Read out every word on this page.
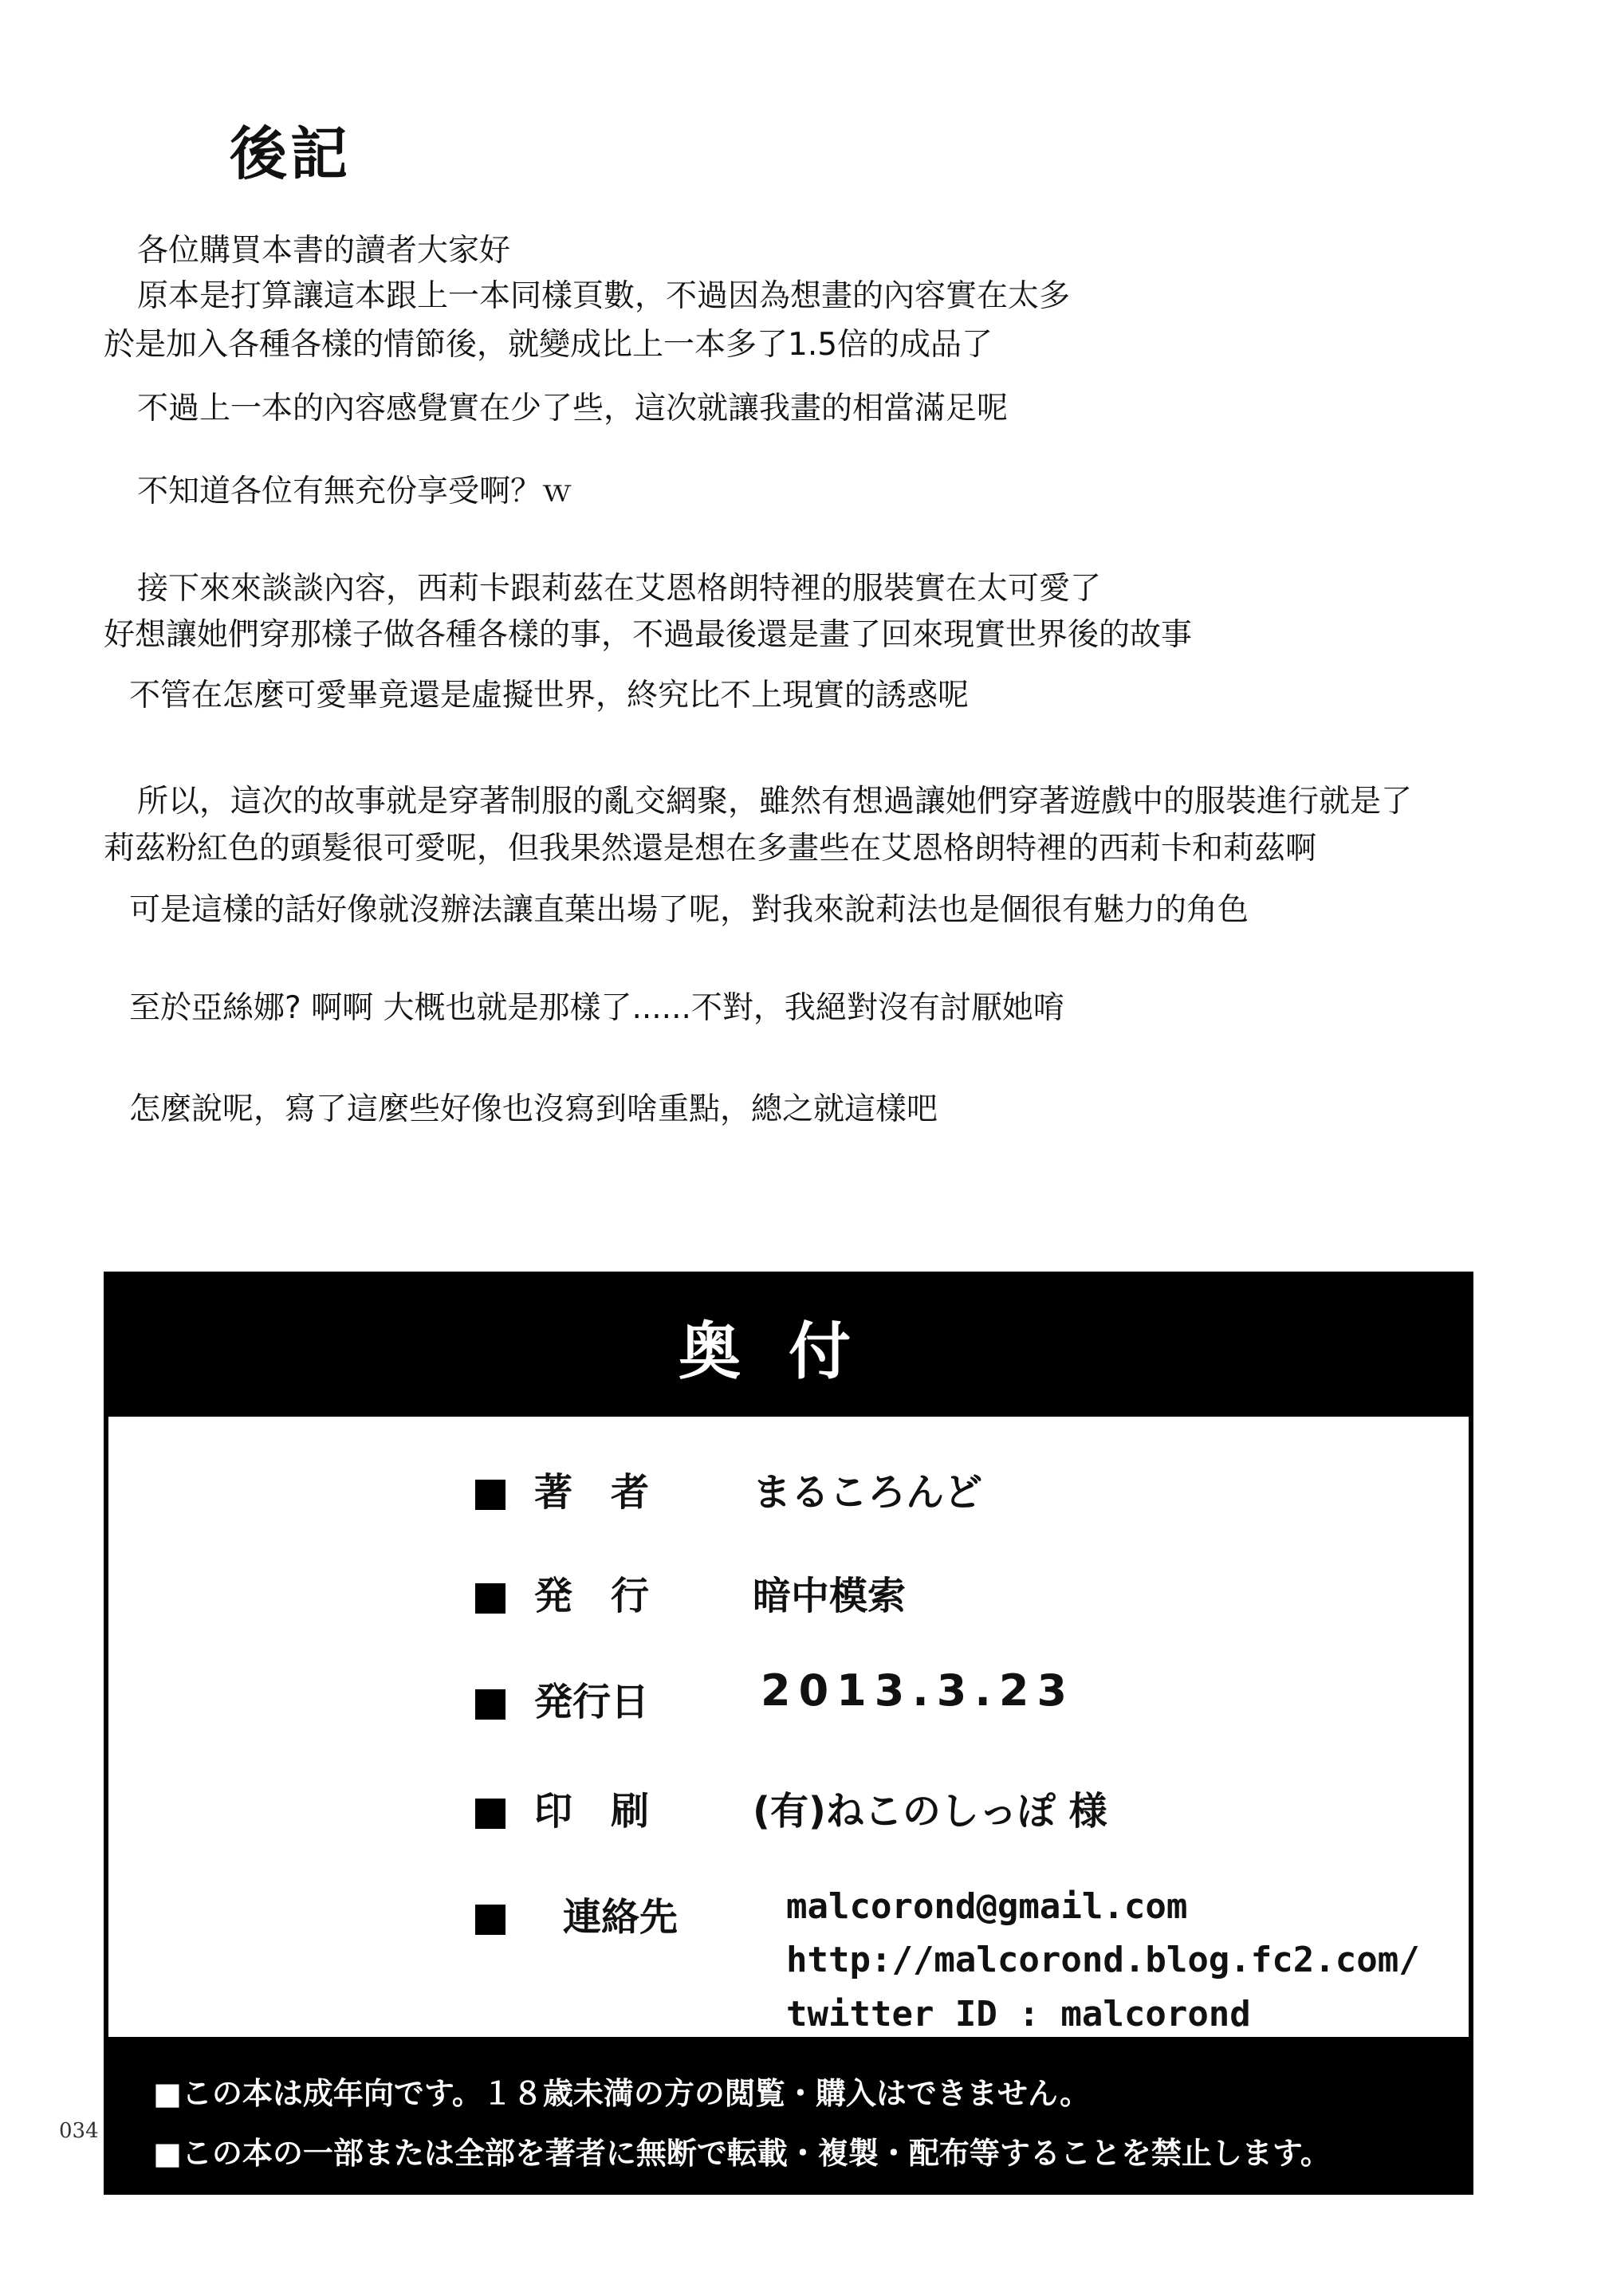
後記
各位購買本書的讀者大家好
原本是打算讓這本跟上一本同樣頁數，不過因為想畫的內容實在太多
於是加入各種各樣的情節後，就變成比上一本多了1.5倍的成品了
不過上一本的內容感覺實在少了些，這次就讓我畫的相當滿足呢
不知道各位有無充份享受啊？ｗ
接下來來談談內容，西莉卡跟莉茲在艾恩格朗特裡的服裝實在太可愛了
好想讓她們穿那樣子做各種各樣的事，不過最後還是畫了回來現實世界後的故事
不管在怎麼可愛畢竟還是虛擬世界，終究比不上現實的誘惑呢
所以，這次的故事就是穿著制服的亂交網聚，雖然有想過讓她們穿著遊戲中的服裝進行就是了
莉茲粉紅色的頭髮很可愛呢，但我果然還是想在多畫些在艾恩格朗特裡的西莉卡和莉茲啊
可是這樣的話好像就沒辦法讓直葉出場了呢，對我來說莉法也是個很有魅力的角色
至於亞絲娜? 啊啊 大概也就是那樣了......不對，我絕對沒有討厭她唷
怎麼說呢，寫了這麼些好像也沒寫到啥重點，總之就這樣吧
奥付
著　者	まるころんど
発　行	暗中模索
発行日	2013.3.23
印　刷	(有)ねこのしっぽ 様
連絡先	malcorond@gmail.com
http://malcorond.blog.fc2.com/
twitter ID : malcorond
■この本は成年向です。１８歳未満の方の閲覧・購入はできません。
■この本の一部または全部を著者に無断で転載・複製・配布等することを禁止します。
034
